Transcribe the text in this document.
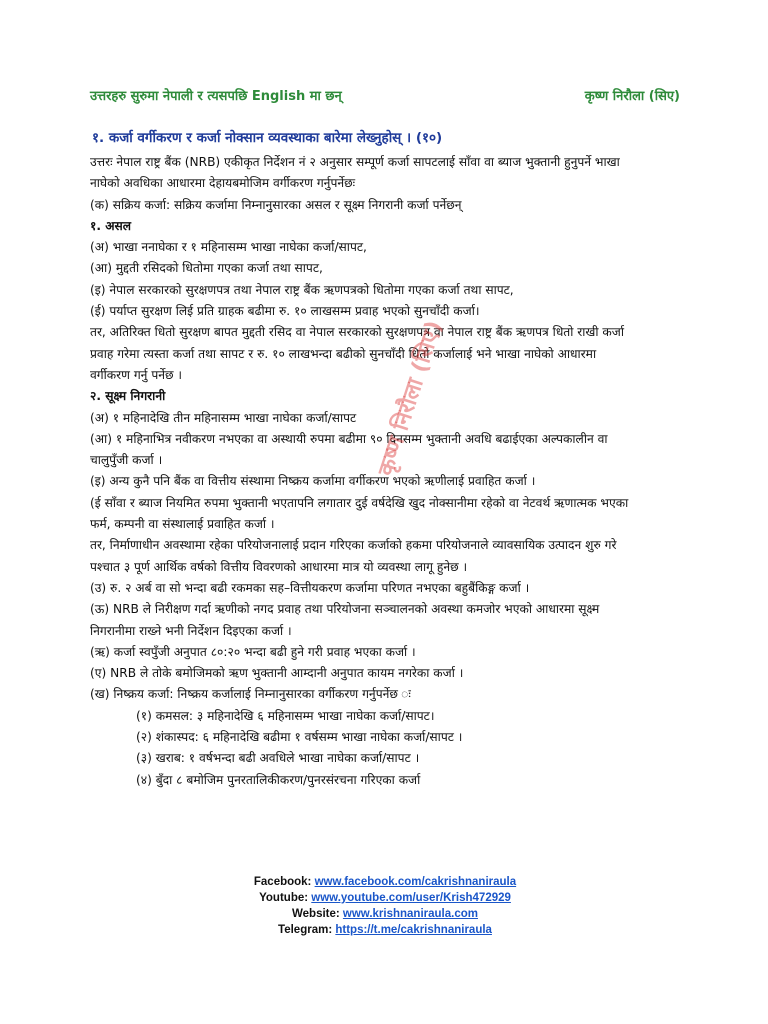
उत्तरहरु सुरुमा नेपाली र त्यसपछि English मा छन्	कृष्ण निरौला (सिए)
१. कर्जा वर्गीकरण र कर्जा नोक्सान व्यवस्थाका बारेमा लेख्नुहोस् । (१०)
उत्तरः नेपाल राष्ट्र बैंक (NRB) एकीकृत निर्देशन नं २ अनुसार सम्पूर्ण कर्जा सापटलाई साँवा वा ब्याज भुक्तानी हुनुपर्ने भाखा
नाघेको अवधिका आधारमा देहायबमोजिम वर्गीकरण गर्नुपर्नेछः
(क) सक्रिय कर्जा: सक्रिय कर्जामा निम्नानुसारका असल र सूक्ष्म निगरानी कर्जा पर्नेछन्
१. असल
(अ) भाखा ननाघेका र १ महिनासम्म भाखा नाघेका कर्जा/सापट,
(आ) मुद्दती रसिदको धितोमा गएका कर्जा तथा सापट,
(इ) नेपाल सरकारको सुरक्षणपत्र तथा नेपाल राष्ट्र बैंक ऋणपत्रको धितोमा गएका कर्जा तथा सापट,
(ई) पर्याप्त सुरक्षण लिई प्रति ग्राहक बढीमा रु. १० लाखसम्म प्रवाह भएको सुनचाँदी कर्जा।
तर, अतिरिक्त धितो सुरक्षण बापत मुद्दती रसिद वा नेपाल सरकारको सुरक्षणपत्र वा नेपाल राष्ट्र बैंक ऋणपत्र धितो राखी कर्जा
प्रवाह गरेमा त्यस्ता कर्जा तथा सापट र रु. १० लाखभन्दा बढीको सुनचाँदी धितो कर्जालाई भने भाखा नाघेको आधारमा
वर्गीकरण गर्नु पर्नेछ ।
२. सूक्ष्म निगरानी
(अ) १ महिनादेखि तीन महिनासम्म भाखा नाघेका कर्जा/सापट
(आ) १ महिनाभित्र नवीकरण नभएका वा अस्थायी रुपमा बढीमा ९० दिनसम्म भुक्तानी अवधि बढाईएका अल्पकालीन वा
चालुपुँजी कर्जा ।
(इ) अन्य कुनै पनि बैंक वा वित्तीय संस्थामा निष्क्रय कर्जामा वर्गीकरण भएको ऋणीलाई प्रवाहित कर्जा ।
(ई साँवा र ब्याज नियमित रुपमा भुक्तानी भएतापनि लगातार दुई वर्षदेखि खुद नोक्सानीमा रहेको वा नेटवर्थ ऋणात्मक भएका
फर्म, कम्पनी वा संस्थालाई प्रवाहित कर्जा ।
तर, निर्माणाधीन अवस्थामा रहेका परियोजनालाई प्रदान गरिएका कर्जाको हकमा परियोजनाले व्यावसायिक उत्पादन शुरु गरे
पश्चात ३ पूर्ण आर्थिक वर्षको वित्तीय विवरणको आधारमा मात्र यो व्यवस्था लागू हुनेछ ।
(उ) रु. २ अर्ब वा सो भन्दा बढी रकमका सह–वित्तीयकरण कर्जामा परिणत नभएका बहुबैंकिङ्ग कर्जा ।
(ऊ) NRB ले निरीक्षण गर्दा ऋणीको नगद प्रवाह तथा परियोजना सञ्चालनको अवस्था कमजोर भएको आधारमा सूक्ष्म
निगरानीमा राख्ने भनी निर्देशन दिइएका कर्जा ।
(ऋ) कर्जा स्वपुँजी अनुपात ८०:२० भन्दा बढी हुने गरी प्रवाह भएका कर्जा ।
(ए) NRB ले तोके बमोजिमको ऋण भुक्तानी आम्दानी अनुपात कायम नगरेका कर्जा ।
(ख) निष्क्रय कर्जा: निष्क्रय कर्जालाई निम्नानुसारका वर्गीकरण गर्नुपर्नेछ ः
(१) कमसल: ३ महिनादेखि ६ महिनासम्म भाखा नाघेका कर्जा/सापट।
(२) शंकास्पद: ६ महिनादेखि बढीमा १ वर्षसम्म भाखा नाघेका कर्जा/सापट ।
(३) खराब: १ वर्षभन्दा बढी अवधिले भाखा नाघेका कर्जा/सापट ।
(४) बुँदा ८ बमोजिम पुनरतालिकीकरण/पुनरसंरचना गरिएका कर्जा
कृष्ण निरौला (सिए)
Facebook: www.facebook.com/cakrishnaniraula
Youtube: www.youtube.com/user/Krish472929
Website: www.krishnaniraula.com
Telegram: https://t.me/cakrishnaniraula
